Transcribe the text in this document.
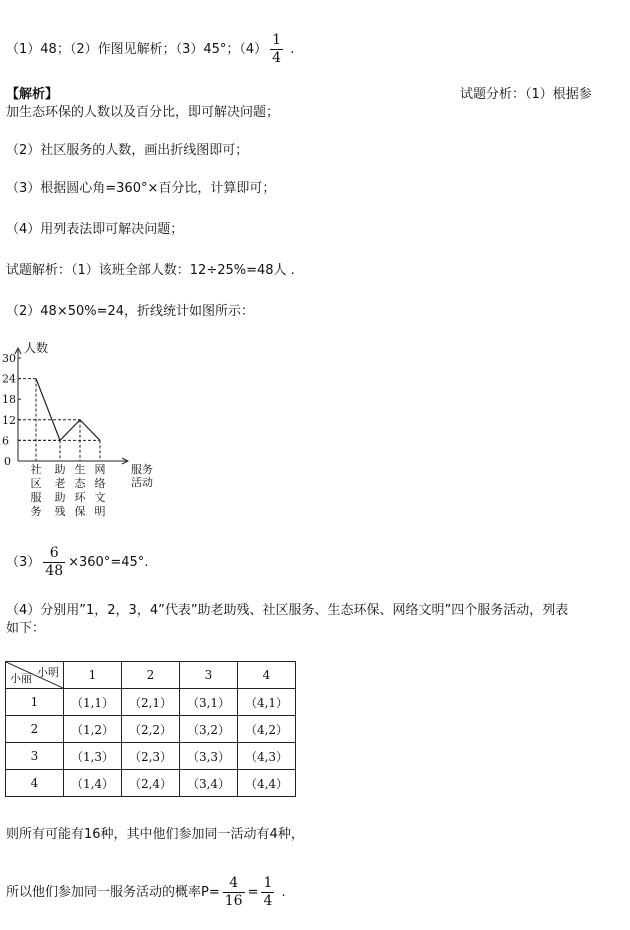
（1）48；（2）作图见解析；（3）45°；$(4) \frac{1}{4}$ .
【解析】	试题分析：（1）根据参
加生态环保的人数以及百分比，即可解决问题；
（2）社区服务的人数，画出折线图即可；
（3）根据圆心角=360°×百分比，计算即可；
（4）用列表法即可解决问题；
试题解析：（1）该班全部人数：12÷25%=48人 .
（2）48×50%=24，折线统计如图所示：
0
6
12
18
24
30
人数
服务
活动
社
区
服
务
助
老
助
残
生
态
环
保
网
络
文
明
$(3) \frac{6}{48} \times 360^\circ=45^\circ$.
（4）分别用”1，2，3，4”代表”助老助残、社区服务、生态环保、网络文明”四个服务活动，列表
如下：
小明
小丽	1	2	3	4
1	（1,1）	（2,1）	（3,1）	（4,1）
2	（1,2）	（2,2）	（3,2）	（4,2）
3	（1,3）	（2,3）	（3,3）	（4,3）
4	（1,4）	（2,4）	（3,4）	（4,4）
则所有可能有16种，其中他们参加同一活动有4种，
所以他们参加同一服务活动的概率$P= \frac{4}{16} = \frac{1}{4}$ .
